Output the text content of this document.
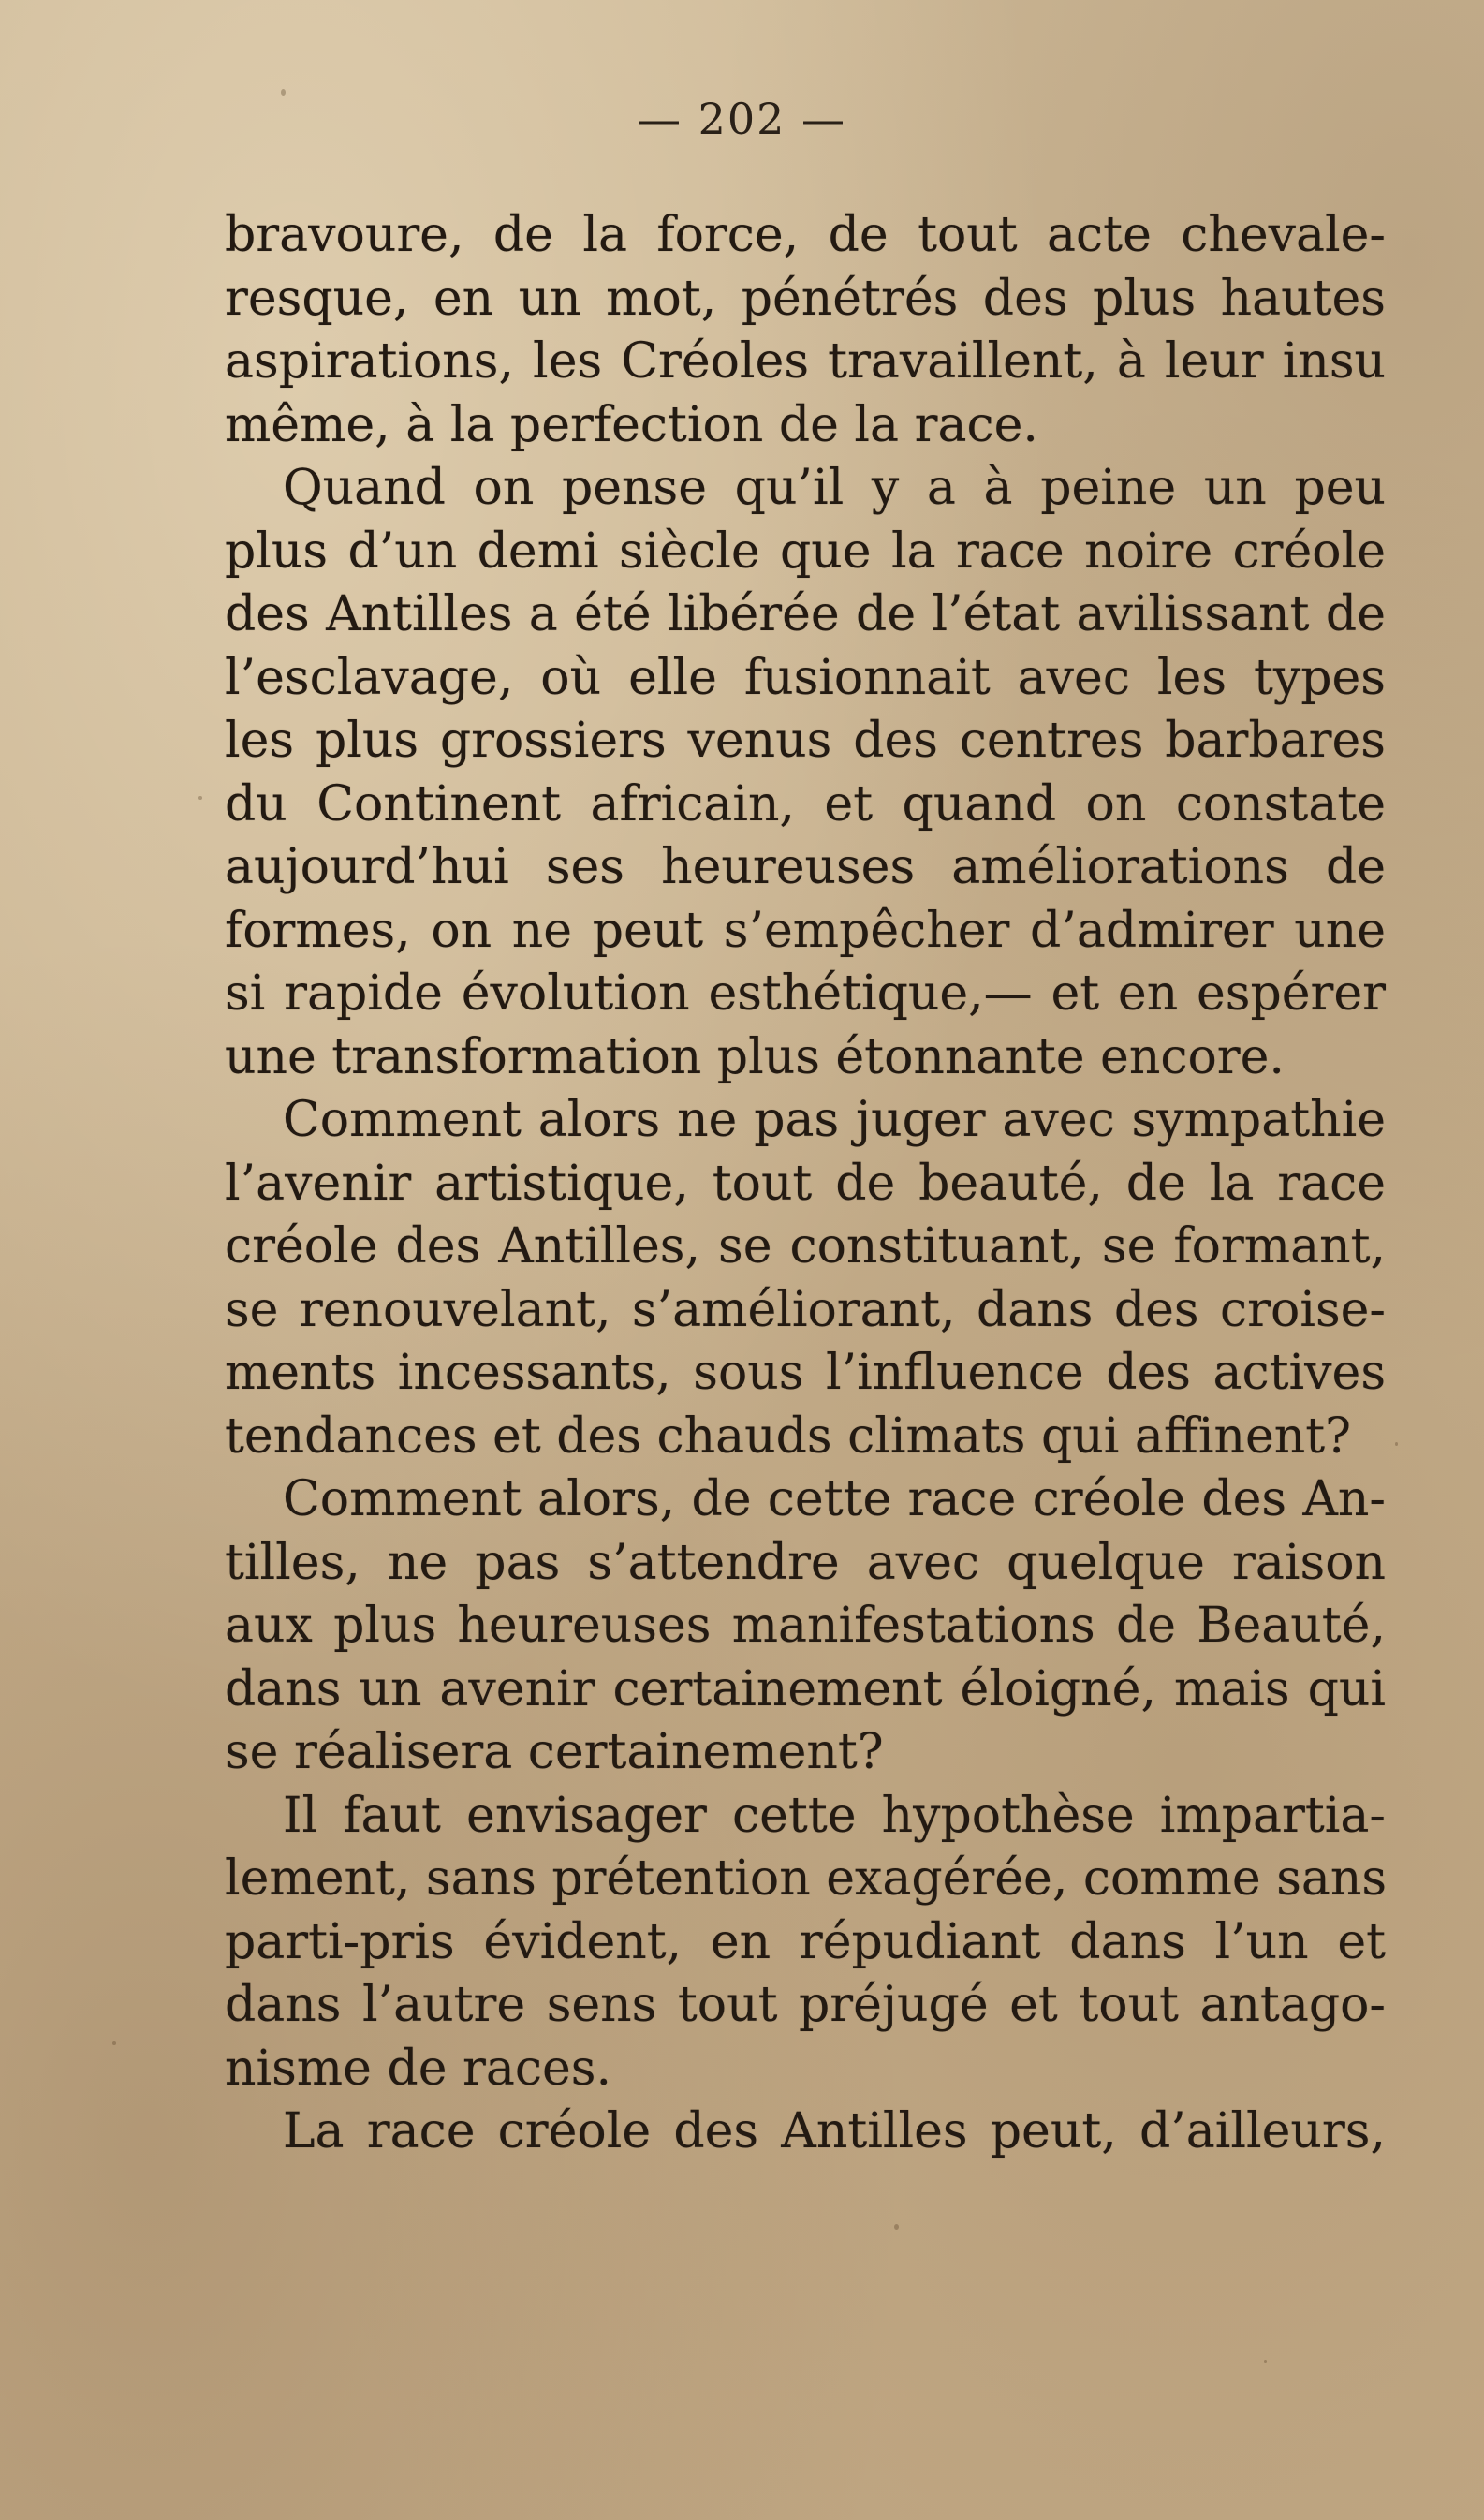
— 202 —
bravoure, de la force, de tout acte chevale-
resque, en un mot, pénétrés des plus hautes
aspirations, les Créoles travaillent, à leur insu
même, à la perfection de la race.
Quand on pense qu’il y a à peine un peu
plus d’un demi siècle que la race noire créole
des Antilles a été libérée de l’état avilissant de
l’esclavage, où elle fusionnait avec les types
les plus grossiers venus des centres barbares
du Continent africain, et quand on constate
aujourd’hui ses heureuses améliorations de
formes, on ne peut s’empêcher d’admirer une
si rapide évolution esthétique,— et en espérer
une transformation plus étonnante encore.
Comment alors ne pas juger avec sympathie
l’avenir artistique, tout de beauté, de la race
créole des Antilles, se constituant, se formant,
se renouvelant, s’améliorant, dans des croise-
ments incessants, sous l’influence des actives
tendances et des chauds climats qui affinent?
Comment alors, de cette race créole des An-
tilles, ne pas s’attendre avec quelque raison
aux plus heureuses manifestations de Beauté,
dans un avenir certainement éloigné, mais qui
se réalisera certainement?
Il faut envisager cette hypothèse impartia-
lement, sans prétention exagérée, comme sans
parti-pris évident, en répudiant dans l’un et
dans l’autre sens tout préjugé et tout antago-
nisme de races.
La race créole des Antilles peut, d’ailleurs,
